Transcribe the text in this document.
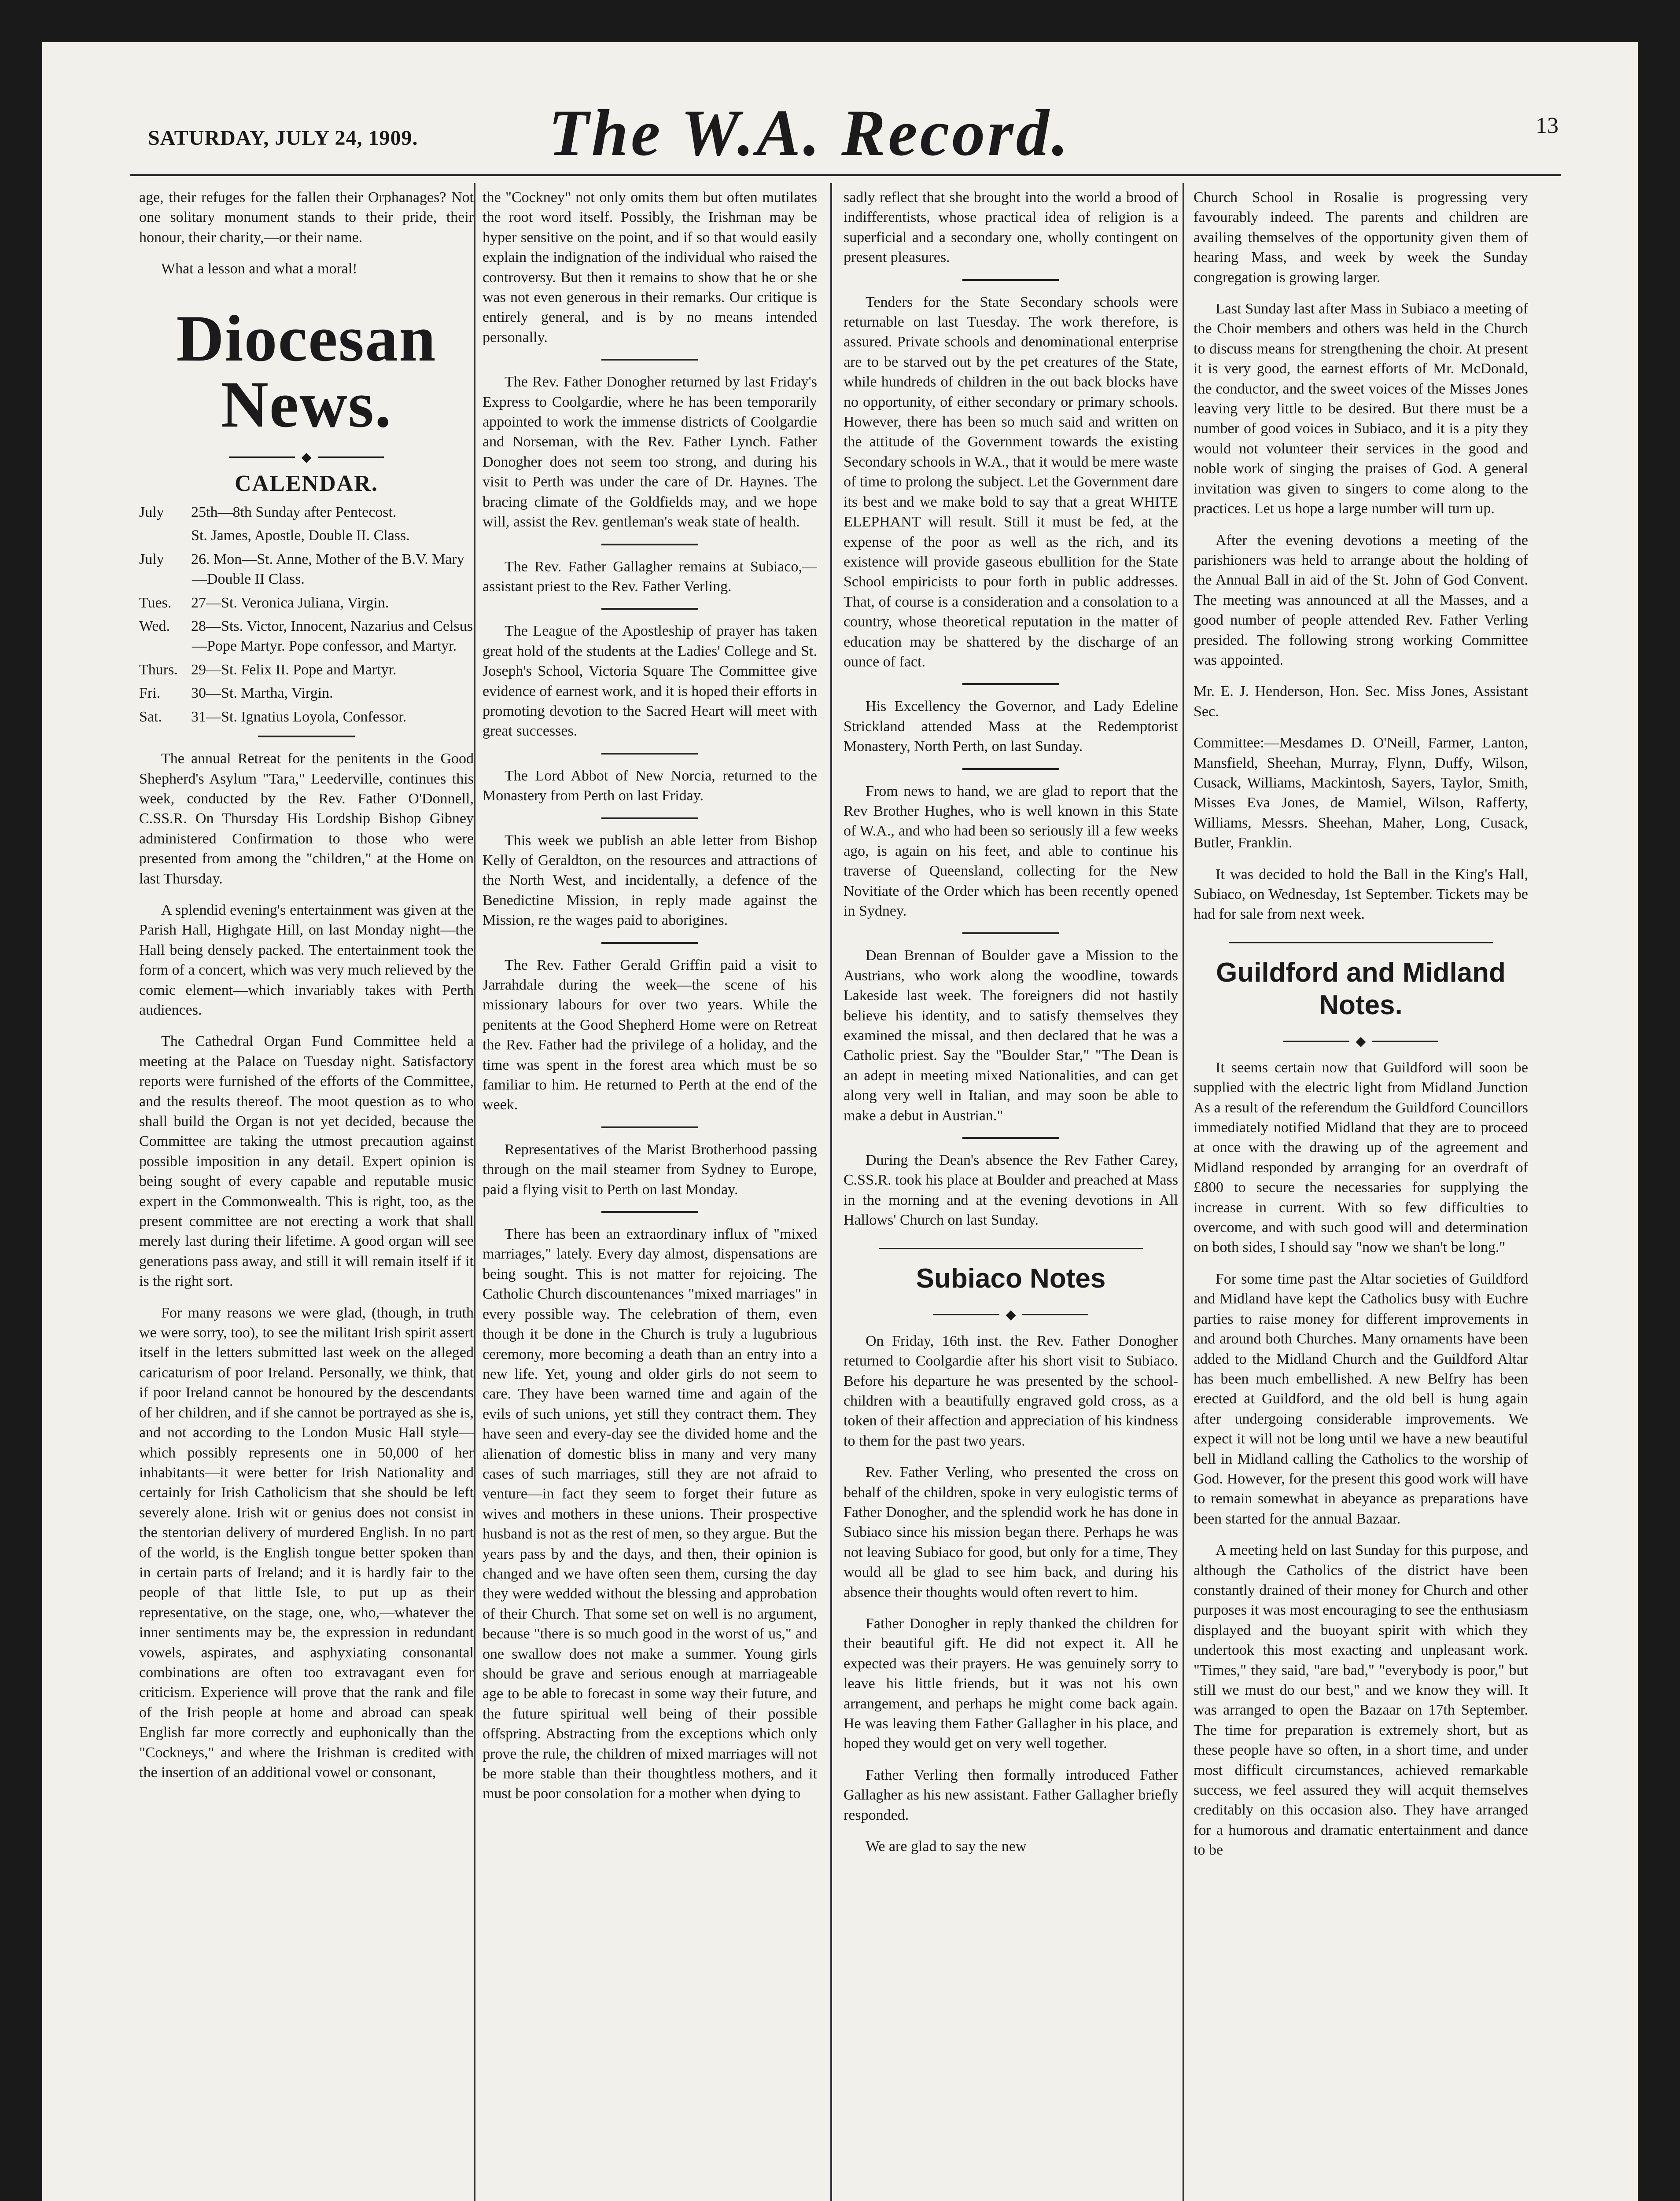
SATURDAY, JULY 24, 1909. The W.A. Record.	13

age, their refuges for the fallen their Orphanages? Not one solitary monument stands to their pride, their honour, their charity,—or their name.

What a lesson and what a moral!

Diocesan News.
◆
CALENDAR.

July 25th—8th Sunday after Pentecost.

St. James, Apostle, Double II. Class.

July 26. Mon—St. Anne, Mother of the B.V. Mary—Double II Class.

Tues. 27—St. Veronica Juliana, Virgin.

Wed. 28—Sts. Victor, Innocent, Nazarius and Celsus—Pope Martyr. Pope confessor, and Martyr.

Thurs. 29—St. Felix II. Pope and Martyr.

Fri. 30—St. Martha, Virgin.

Sat. 31—St. Ignatius Loyola, Confessor.

The annual Retreat for the penitents in the Good Shepherd's Asylum "Tara," Leederville, continues this week, conducted by the Rev. Father O'Donnell, C.SS.R. On Thursday His Lordship Bishop Gibney administered Confirmation to those who were presented from among the "children," at the Home on last Thursday.

A splendid evening's entertainment was given at the Parish Hall, Highgate Hill, on last Monday night—the Hall being densely packed. The entertainment took the form of a concert, which was very much relieved by the comic element—which invariably takes with Perth audiences.

The Cathedral Organ Fund Committee held a meeting at the Palace on Tuesday night. Satisfactory reports were furnished of the efforts of the Committee, and the results thereof. The moot question as to who shall build the Organ is not yet decided, because the Committee are taking the utmost precaution against possible imposition in any detail. Expert opinion is being sought of every capable and reputable music expert in the Commonwealth. This is right, too, as the present committee are not erecting a work that shall merely last during their lifetime. A good organ will see generations pass away, and still it will remain itself if it is the right sort.

For many reasons we were glad, (though, in truth we were sorry, too), to see the militant Irish spirit assert itself in the letters submitted last week on the alleged caricaturism of poor Ireland. Personally, we think, that if poor Ireland cannot be honoured by the descendants of her children, and if she cannot be portrayed as she is, and not according to the London Music Hall style—which possibly represents one in 50,000 of her inhabitants—it were better for Irish Nationality and certainly for Irish Catholicism that she should be left severely alone. Irish wit or genius does not consist in the stentorian delivery of murdered English. In no part of the world, is the English tongue better spoken than in certain parts of Ireland; and it is hardly fair to the people of that little Isle, to put up as their representative, on the stage, one, who,—whatever the inner sentiments may be, the expression in redundant vowels, aspirates, and asphyxiating consonantal combinations are often too extravagant even for criticism. Experience will prove that the rank and file of the Irish people at home and abroad can speak English far more correctly and euphonically than the "Cockneys," and where the Irishman is credited with the insertion of an additional vowel or consonant,

the "Cockney" not only omits them but often mutilates the root word itself. Possibly, the Irishman may be hyper sensitive on the point, and if so that would easily explain the indignation of the individual who raised the controversy. But then it remains to show that he or she was not even generous in their remarks. Our critique is entirely general, and is by no means intended personally.

The Rev. Father Donogher returned by last Friday's Express to Coolgardie, where he has been temporarily appointed to work the immense districts of Coolgardie and Norseman, with the Rev. Father Lynch. Father Donogher does not seem too strong, and during his visit to Perth was under the care of Dr. Haynes. The bracing climate of the Goldfields may, and we hope will, assist the Rev. gentleman's weak state of health.

The Rev. Father Gallagher remains at Subiaco,—assistant priest to the Rev. Father Verling.

The League of the Apostleship of prayer has taken great hold of the students at the Ladies' College and St. Joseph's School, Victoria Square The Committee give evidence of earnest work, and it is hoped their efforts in promoting devotion to the Sacred Heart will meet with great successes.

The Lord Abbot of New Norcia, returned to the Monastery from Perth on last Friday.

This week we publish an able letter from Bishop Kelly of Geraldton, on the resources and attractions of the North West, and incidentally, a defence of the Benedictine Mission, in reply made against the Mission, re the wages paid to aborigines.

The Rev. Father Gerald Griffin paid a visit to Jarrahdale during the week—the scene of his missionary labours for over two years. While the penitents at the Good Shepherd Home were on Retreat the Rev. Father had the privilege of a holiday, and the time was spent in the forest area which must be so familiar to him. He returned to Perth at the end of the week.

Representatives of the Marist Brotherhood passing through on the mail steamer from Sydney to Europe, paid a flying visit to Perth on last Monday.

There has been an extraordinary influx of "mixed marriages," lately. Every day almost, dispensations are being sought. This is not matter for rejoicing. The Catholic Church discountenances "mixed marriages" in every possible way. The celebration of them, even though it be done in the Church is truly a lugubrious ceremony, more becoming a death than an entry into a new life. Yet, young and older girls do not seem to care. They have been warned time and again of the evils of such unions, yet still they contract them. They have seen and every-day see the divided home and the alienation of domestic bliss in many and very many cases of such marriages, still they are not afraid to venture—in fact they seem to forget their future as wives and mothers in these unions. Their prospective husband is not as the rest of men, so they argue. But the years pass by and the days, and then, their opinion is changed and we have often seen them, cursing the day they were wedded without the blessing and approbation of their Church. That some set on well is no argument, because "there is so much good in the worst of us," and one swallow does not make a summer. Young girls should be grave and serious enough at marriageable age to be able to forecast in some way their future, and the future spiritual well being of their possible offspring. Abstracting from the exceptions which only prove the rule, the children of mixed marriages will not be more stable than their thoughtless mothers, and it must be poor consolation for a mother when dying to

sadly reflect that she brought into the world a brood of indifferentists, whose practical idea of religion is a superficial and a secondary one, wholly contingent on present pleasures.

Tenders for the State Secondary schools were returnable on last Tuesday. The work therefore, is assured. Private schools and denominational enterprise are to be starved out by the pet creatures of the State, while hundreds of children in the out back blocks have no opportunity, of either secondary or primary schools. However, there has been so much said and written on the attitude of the Government towards the existing Secondary schools in W.A., that it would be mere waste of time to prolong the subject. Let the Government dare its best and we make bold to say that a great WHITE ELEPHANT will result. Still it must be fed, at the expense of the poor as well as the rich, and its existence will provide gaseous ebullition for the State School empiricists to pour forth in public addresses. That, of course is a consideration and a consolation to a country, whose theoretical reputation in the matter of education may be shattered by the discharge of an ounce of fact.

His Excellency the Governor, and Lady Edeline Strickland attended Mass at the Redemptorist Monastery, North Perth, on last Sunday.

From news to hand, we are glad to report that the Rev Brother Hughes, who is well known in this State of W.A., and who had been so seriously ill a few weeks ago, is again on his feet, and able to continue his traverse of Queensland, collecting for the New Novitiate of the Order which has been recently opened in Sydney.

Dean Brennan of Boulder gave a Mission to the Austrians, who work along the woodline, towards Lakeside last week. The foreigners did not hastily believe his identity, and to satisfy themselves they examined the missal, and then declared that he was a Catholic priest. Say the "Boulder Star," "The Dean is an adept in meeting mixed Nationalities, and can get along very well in Italian, and may soon be able to make a debut in Austrian."

During the Dean's absence the Rev Father Carey, C.SS.R. took his place at Boulder and preached at Mass in the morning and at the evening devotions in All Hallows' Church on last Sunday.

Subiaco Notes
◆

On Friday, 16th inst. the Rev. Father Donogher returned to Coolgardie after his short visit to Subiaco. Before his departure he was presented by the school-children with a beautifully engraved gold cross, as a token of their affection and appreciation of his kindness to them for the past two years.

Rev. Father Verling, who presented the cross on behalf of the children, spoke in very eulogistic terms of Father Donogher, and the splendid work he has done in Subiaco since his mission began there. Perhaps he was not leaving Subiaco for good, but only for a time, They would all be glad to see him back, and during his absence their thoughts would often revert to him.

Father Donogher in reply thanked the children for their beautiful gift. He did not expect it. All he expected was their prayers. He was genuinely sorry to leave his little friends, but it was not his own arrangement, and perhaps he might come back again. He was leaving them Father Gallagher in his place, and hoped they would get on very well together.

Father Verling then formally introduced Father Gallagher as his new assistant. Father Gallagher briefly responded.

We are glad to say the new

Church School in Rosalie is progressing very favourably indeed. The parents and children are availing themselves of the opportunity given them of hearing Mass, and week by week the Sunday congregation is growing larger.

Last Sunday last after Mass in Subiaco a meeting of the Choir members and others was held in the Church to discuss means for strengthening the choir. At present it is very good, the earnest efforts of Mr. McDonald, the conductor, and the sweet voices of the Misses Jones leaving very little to be desired. But there must be a number of good voices in Subiaco, and it is a pity they would not volunteer their services in the good and noble work of singing the praises of God. A general invitation was given to singers to come along to the practices. Let us hope a large number will turn up.

After the evening devotions a meeting of the parishioners was held to arrange about the holding of the Annual Ball in aid of the St. John of God Convent. The meeting was announced at all the Masses, and a good number of people attended Rev. Father Verling presided. The following strong working Committee was appointed.

Mr. E. J. Henderson, Hon. Sec. Miss Jones, Assistant Sec.

Committee:—Mesdames D. O'Neill, Farmer, Lanton, Mansfield, Sheehan, Murray, Flynn, Duffy, Wilson, Cusack, Williams, Mackintosh, Sayers, Taylor, Smith, Misses Eva Jones, de Mamiel, Wilson, Rafferty, Williams, Messrs. Sheehan, Maher, Long, Cusack, Butler, Franklin.

It was decided to hold the Ball in the King's Hall, Subiaco, on Wednesday, 1st September. Tickets may be had for sale from next week.

Guildford and Midland Notes.
◆

It seems certain now that Guildford will soon be supplied with the electric light from Midland Junction As a result of the referendum the Guildford Councillors immediately notified Midland that they are to proceed at once with the drawing up of the agreement and Midland responded by arranging for an overdraft of £800 to secure the necessaries for supplying the increase in current. With so few difficulties to overcome, and with such good will and determination on both sides, I should say "now we shan't be long."

For some time past the Altar societies of Guildford and Midland have kept the Catholics busy with Euchre parties to raise money for different improvements in and around both Churches. Many ornaments have been added to the Midland Church and the Guildford Altar has been much embellished. A new Belfry has been erected at Guildford, and the old bell is hung again after undergoing considerable improvements. We expect it will not be long until we have a new beautiful bell in Midland calling the Catholics to the worship of God. However, for the present this good work will have to remain somewhat in abeyance as preparations have been started for the annual Bazaar.

A meeting held on last Sunday for this purpose, and although the Catholics of the district have been constantly drained of their money for Church and other purposes it was most encouraging to see the enthusiasm displayed and the buoyant spirit with which they undertook this most exacting and unpleasant work. "Times," they said, "are bad," "everybody is poor," but still we must do our best," and we know they will. It was arranged to open the Bazaar on 17th September. The time for preparation is extremely short, but as these people have so often, in a short time, and under most difficult circumstances, achieved remarkable success, we feel assured they will acquit themselves creditably on this occasion also. They have arranged for a humorous and dramatic entertainment and dance to be
